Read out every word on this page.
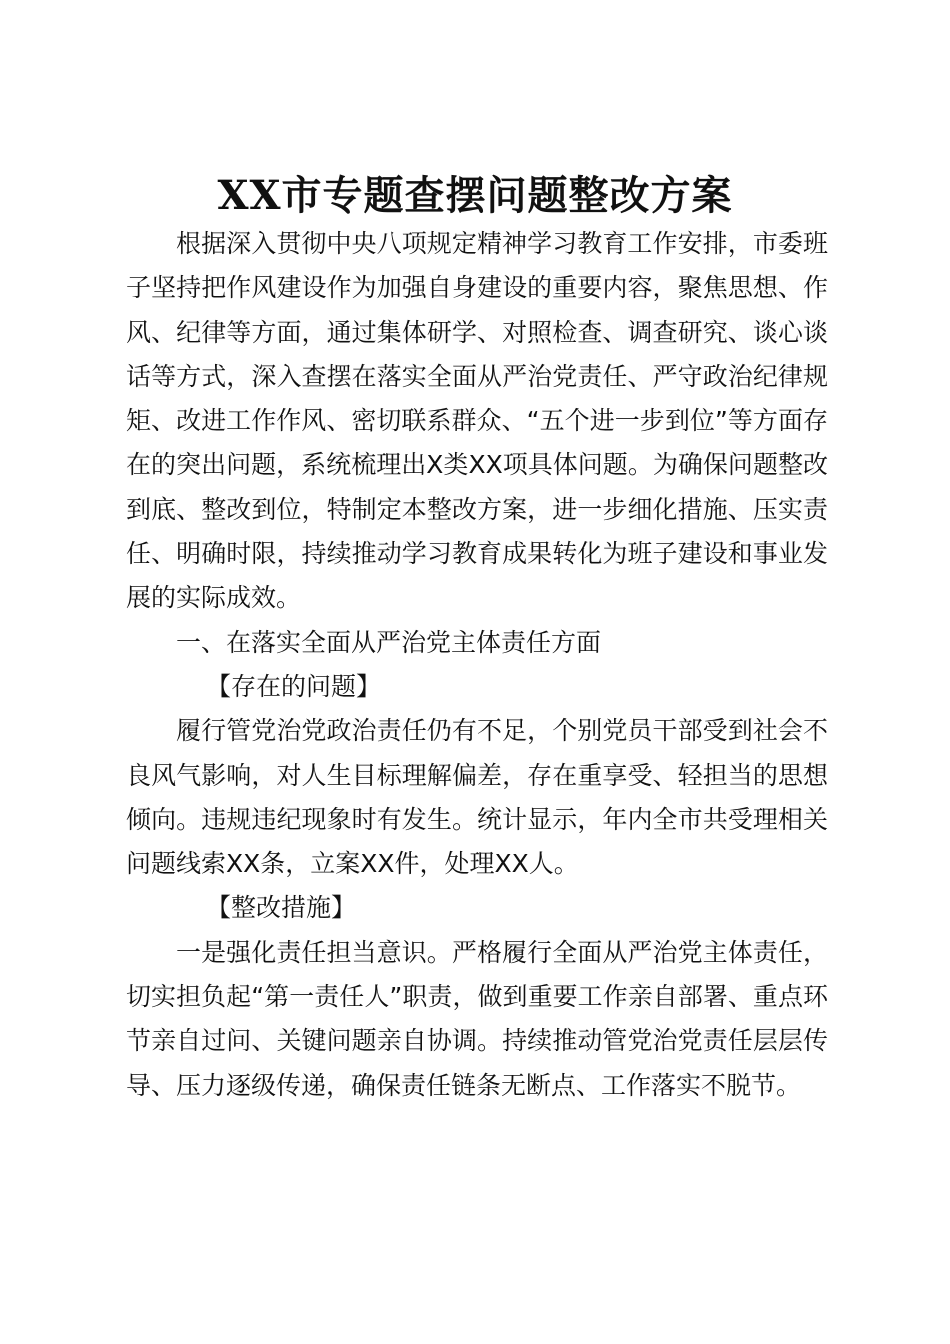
XX市专题查摆问题整改方案

根据深入贯彻中央八项规定精神学习教育工作安排，市委班子坚持把作风建设作为加强自身建设的重要内容，聚焦思想、作风、纪律等方面，通过集体研学、对照检查、调查研究、谈心谈话等方式，深入查摆在落实全面从严治党责任、严守政治纪律规矩、改进工作作风、密切联系群众、“五个进一步到位”等方面存在的突出问题，系统梳理出X类XX项具体问题。为确保问题整改到底、整改到位，特制定本整改方案，进一步细化措施、压实责任、明确时限，持续推动学习教育成果转化为班子建设和事业发展的实际成效。

一、在落实全面从严治党主体责任方面

【存在的问题】

履行管党治党政治责任仍有不足，个别党员干部受到社会不良风气影响，对人生目标理解偏差，存在重享受、轻担当的思想倾向。违规违纪现象时有发生。统计显示，年内全市共受理相关问题线索XX条，立案XX件，处理XX人。

【整改措施】

一是强化责任担当意识。严格履行全面从严治党主体责任，切实担负起“第一责任人”职责，做到重要工作亲自部署、重点环节亲自过问、关键问题亲自协调。持续推动管党治党责任层层传导、压力逐级传递，确保责任链条无断点、工作落实不脱节。
